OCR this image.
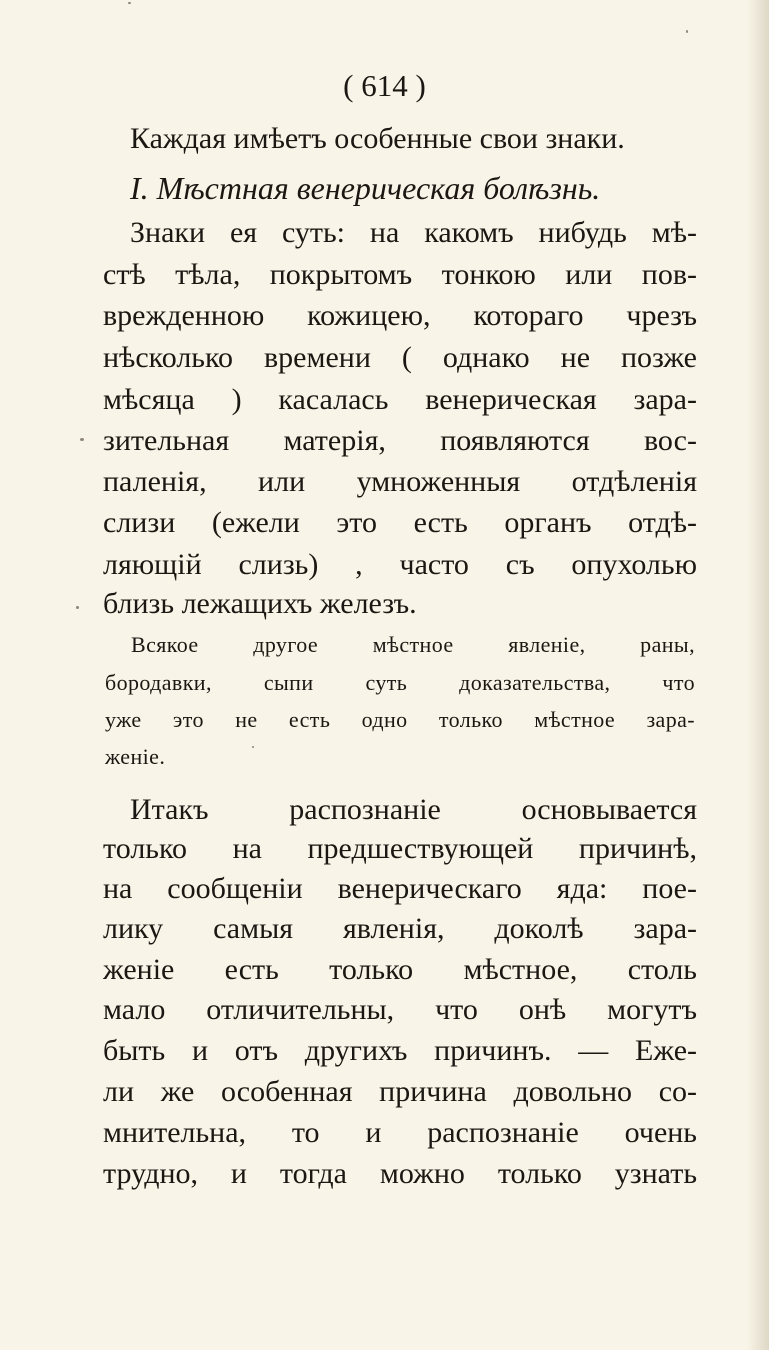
( 614 )
Каждая имѣетъ особенные свои знаки.
I. Мѣстная венерическая болѣзнь.
Знаки ея суть: на какомъ нибудь мѣ-
стѣ тѣла, покрытомъ тонкою или пов-
врежденною кожицею, котораго чрезъ
нѣсколько времени ( однако не позже
мѣсяца ) касалась венерическая зара-
зительная матерія, появляются вос-
паленія, или умноженныя отдѣленія
слизи (ежели это есть органъ отдѣ-
ляющій слизь) , часто съ опухолью
близь лежащихъ железъ.
Всякое другое мѣстное явленіе, раны,
бородавки, сыпи суть доказательства, что
уже это не есть одно только мѣстное зара-
женіе.
Итакъ распознаніе основывается
только на предшествующей причинѣ,
на сообщеніи венерическаго яда: пое-
лику самыя явленія, доколѣ зара-
женіе есть только мѣстное, столь
мало отличительны, что онѣ могутъ
быть и отъ другихъ причинъ. — Еже-
ли же особенная причина довольно со-
мнительна, то и распознаніе очень
трудно, и тогда можно только узнать
